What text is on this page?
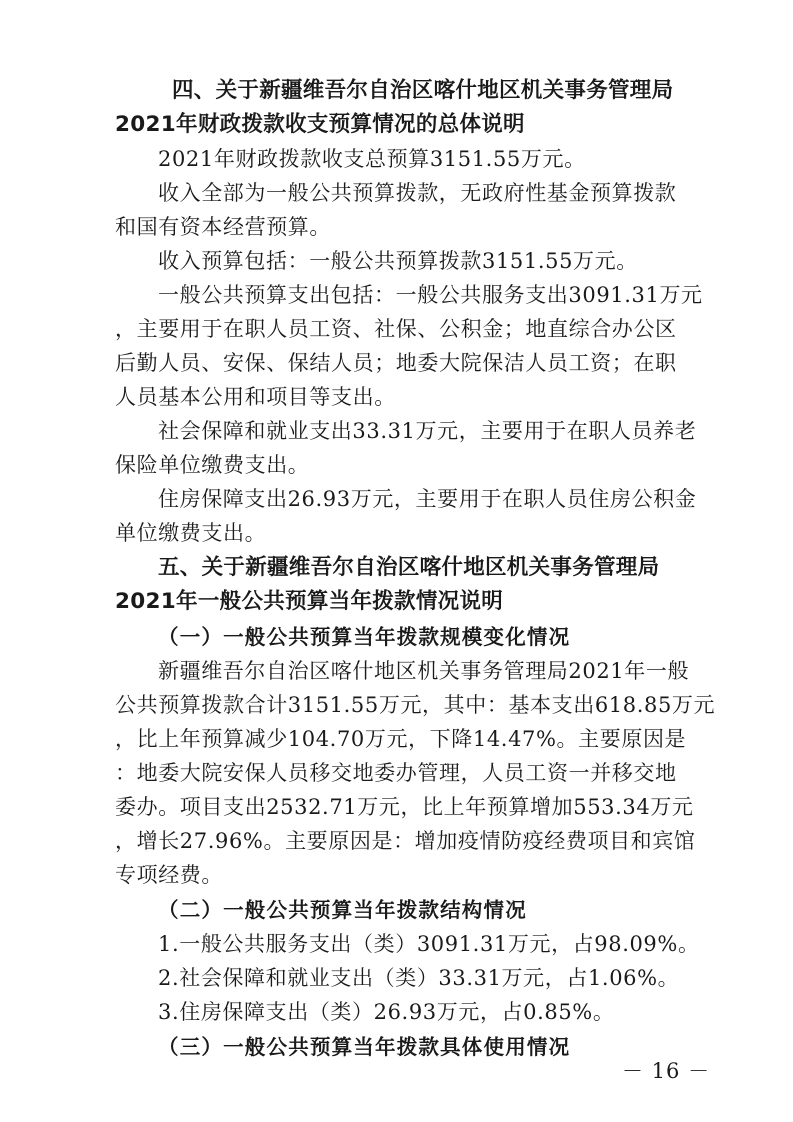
四、关于新疆维吾尔自治区喀什地区机关事务管理局
2021年财政拨款收支预算情况的总体说明
2021年财政拨款收支总预算3151.55万元。
收入全部为一般公共预算拨款，无政府性基金预算拨款
和国有资本经营预算。
收入预算包括：一般公共预算拨款3151.55万元。
一般公共预算支出包括：一般公共服务支出3091.31万元
，主要用于在职人员工资、社保、公积金；地直综合办公区
后勤人员、安保、保结人员；地委大院保洁人员工资；在职
人员基本公用和项目等支出。
社会保障和就业支出33.31万元，主要用于在职人员养老
保险单位缴费支出。
住房保障支出26.93万元，主要用于在职人员住房公积金
单位缴费支出。
五、关于新疆维吾尔自治区喀什地区机关事务管理局
2021年一般公共预算当年拨款情况说明
（一）一般公共预算当年拨款规模变化情况
新疆维吾尔自治区喀什地区机关事务管理局2021年一般
公共预算拨款合计3151.55万元，其中：基本支出618.85万元
，比上年预算减少104.70万元，下降14.47%。主要原因是
：地委大院安保人员移交地委办管理，人员工资一并移交地
委办。项目支出2532.71万元，比上年预算增加553.34万元
，增长27.96%。主要原因是：增加疫情防疫经费项目和宾馆
专项经费。
（二）一般公共预算当年拨款结构情况
1.一般公共服务支出（类）3091.31万元，占98.09%。
2.社会保障和就业支出（类）33.31万元，占1.06%。
3.住房保障支出（类）26.93万元，占0.85%。
（三）一般公共预算当年拨款具体使用情况
－ 16 －
